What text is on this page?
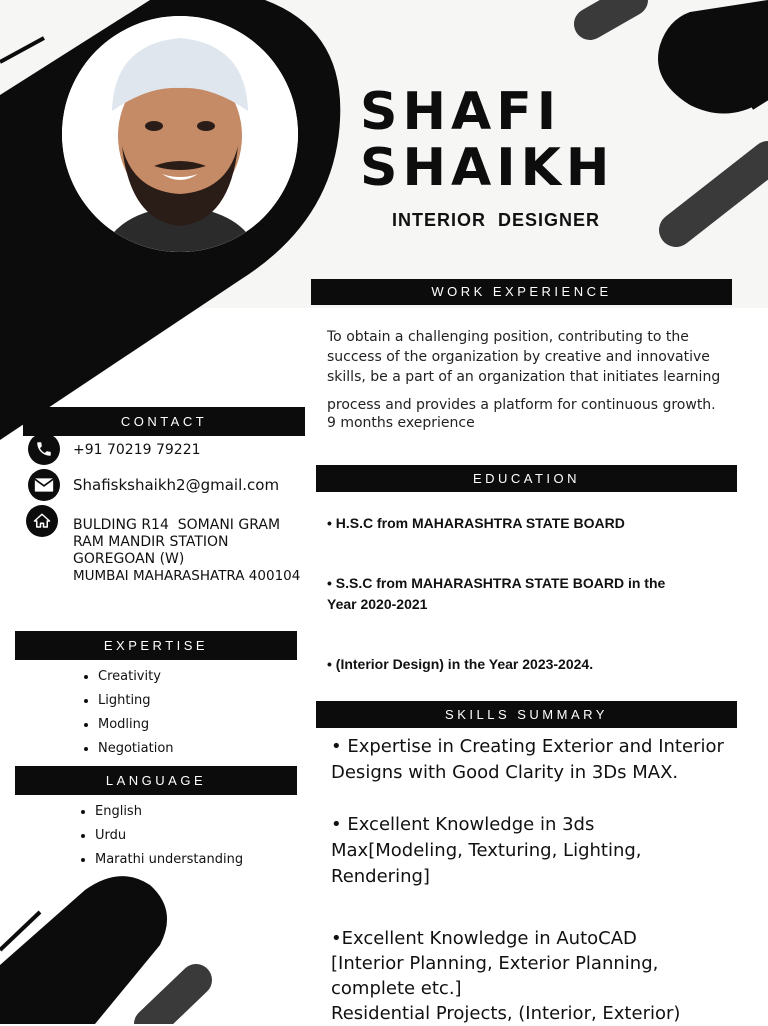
SHAFI
SHAIKH
INTERIOR  DESIGNER
WORK EXPERIENCE
To obtain a challenging position, contributing to the
success of the organization by creative and innovative
skills, be a part of an organization that initiates learning
process and provides a platform for continuous growth.
9 months exeprience
CONTACT
+91 70219 79221
Shafiskshaikh2@gmail.com
BULDING R14  SOMANI GRAM
RAM MANDIR STATION
GOREGOAN (W)
MUMBAI MAHARASHATRA 400104
EDUCATION
• H.S.C from MAHARASHTRA STATE BOARD
• S.S.C from MAHARASHTRA STATE BOARD in the
Year 2020-2021
• (Interior Design) in the Year 2023-2024.
EXPERTISE
• Creativity
• Lighting
• Modling
• Negotiation
LANGUAGE
• English
• Urdu
• Marathi understanding
SKILLS SUMMARY
• Expertise in Creating Exterior and Interior
Designs with Good Clarity in 3Ds MAX.
• Excellent Knowledge in 3ds
Max[Modeling, Texturing, Lighting,
Rendering]
•Excellent Knowledge in AutoCAD
[Interior Planning, Exterior Planning,
complete etc.]
Residential Projects, (Interior, Exterior)
